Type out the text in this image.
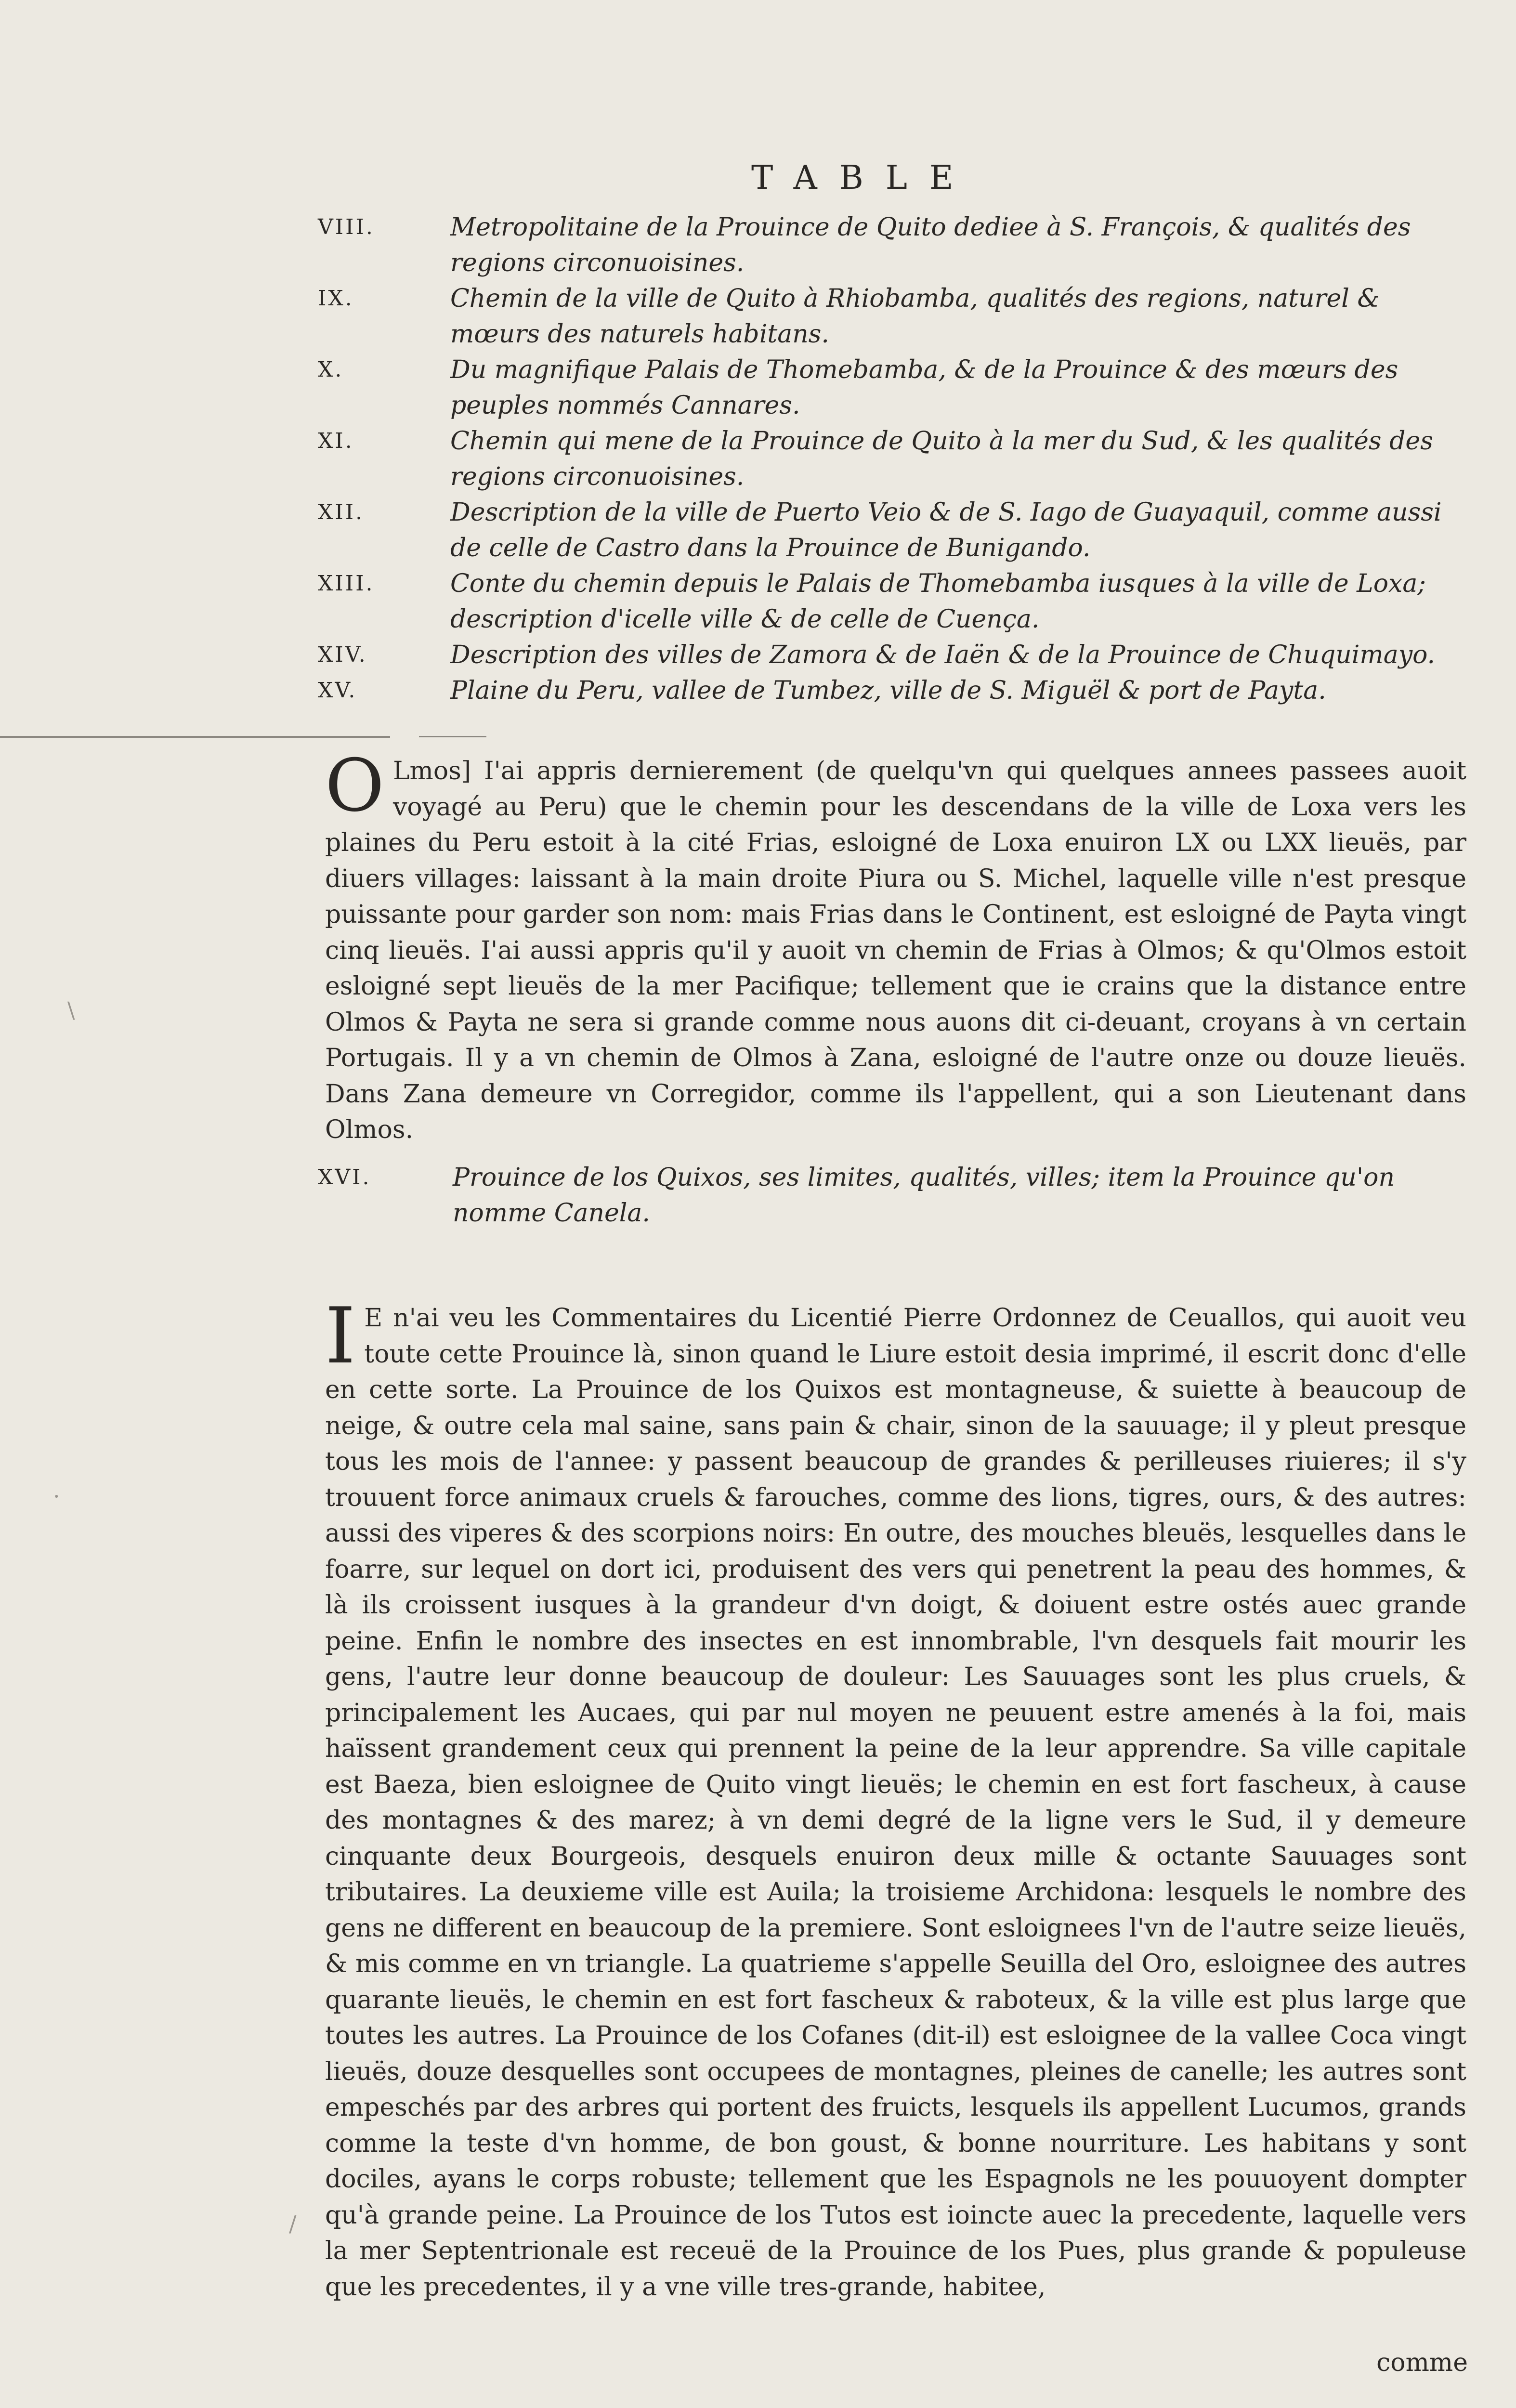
TABLE
VIII.	Metropolitaine de la Prouince de Quito dediee à S. François, & qualités des regions circonuoisines.
IX.	Chemin de la ville de Quito à Rhiobamba, qualités des regions, naturel & mœurs des naturels habitans.
X.	Du magnifique Palais de Thomebamba, & de la Prouince & des mœurs des peuples nommés Cannares.
XI.	Chemin qui mene de la Prouince de Quito à la mer du Sud, & les qualités des regions circonuoisines.
XII.	Description de la ville de Puerto Veio & de S. Iago de Guayaquil, comme aussi de celle de Castro dans la Prouince de Bunigando.
XIII.	Conte du chemin depuis le Palais de Thomebamba iusques à la ville de Loxa; description d'icelle ville & de celle de Cuença.
XIV.	Description des villes de Zamora & de Iaën & de la Prouince de Chuquimayo.
XV.	Plaine du Peru, vallee de Tumbez, ville de S. Miguël & port de Payta.
O Lmos] I'ai appris dernierement (de quelqu'vn qui quelques annees passees auoit voyagé au Peru) que le chemin pour les descendans de la ville de Loxa vers les plaines du Peru estoit à la cité Frias, esloigné de Loxa enuiron LX ou LXX lieuës, par diuers villages: laissant à la main droite Piura ou S. Michel, laquelle ville n'est presque puissante pour garder son nom: mais Frias dans le Continent, est esloigné de Payta vingt cinq lieuës. I'ai aussi appris qu'il y auoit vn chemin de Frias à Olmos; & qu'Olmos estoit esloigné sept lieuës de la mer Pacifique; tellement que ie crains que la distance entre Olmos & Payta ne sera si grande comme nous auons dit ci-deuant, croyans à vn certain Portugais. Il y a vn chemin de Olmos à Zana, esloigné de l'autre onze ou douze lieuës. Dans Zana demeure vn Corregidor, comme ils l'appellent, qui a son Lieutenant dans Olmos.
XVI.	Prouince de los Quixos, ses limites, qualités, villes; item la Prouince qu'on nomme Canela.
I E n'ai veu les Commentaires du Licentié Pierre Ordonnez de Ceuallos, qui auoit veu toute cette Prouince là, sinon quand le Liure estoit desia imprimé, il escrit donc d'elle en cette sorte. La Prouince de los Quixos est montagneuse, & suiette à beaucoup de neige, & outre cela mal saine, sans pain & chair, sinon de la sauuage; il y pleut presque tous les mois de l'annee: y passent beaucoup de grandes & perilleuses riuieres; il s'y trouuent force animaux cruels & farouches, comme des lions, tigres, ours, & des autres: aussi des viperes & des scorpions noirs: En outre, des mouches bleuës, lesquelles dans le foarre, sur lequel on dort ici, produisent des vers qui penetrent la peau des hommes, & là ils croissent iusques à la grandeur d'vn doigt, & doiuent estre ostés auec grande peine. Enfin le nombre des insectes en est innombrable, l'vn desquels fait mourir les gens, l'autre leur donne beaucoup de douleur: Les Sauuages sont les plus cruels, & principalement les Aucaes, qui par nul moyen ne peuuent estre amenés à la foi, mais haïssent grandement ceux qui prennent la peine de la leur apprendre. Sa ville capitale est Baeza, bien esloignee de Quito vingt lieuës; le chemin en est fort fascheux, à cause des montagnes & des marez; à vn demi degré de la ligne vers le Sud, il y demeure cinquante deux Bourgeois, desquels enuiron deux mille & octante Sauuages sont tributaires. La deuxieme ville est Auila; la troisieme Archidona: lesquels le nombre des gens ne different en beaucoup de la premiere. Sont esloignees l'vn de l'autre seize lieuës, & mis comme en vn triangle. La quatrieme s'appelle Seuilla del Oro, esloignee des autres quarante lieuës, le chemin en est fort fascheux & raboteux, & la ville est plus large que toutes les autres. La Prouince de los Cofanes (dit-il) est esloignee de la vallee Coca vingt lieuës, douze desquelles sont occupees de montagnes, pleines de canelle; les autres sont empeschés par des arbres qui portent des fruicts, lesquels ils appellent Lucumos, grands comme la teste d'vn homme, de bon goust, & bonne nourriture. Les habitans y sont dociles, ayans le corps robuste; tellement que les Espagnols ne les pouuoyent dompter qu'à grande peine. La Prouince de los Tutos est ioincte auec la precedente, laquelle vers la mer Septentrionale est receuë de la Prouince de los Pues, plus grande & populeuse que les precedentes, il y a vne ville tres-grande, habitee,
comme
\
/
·
